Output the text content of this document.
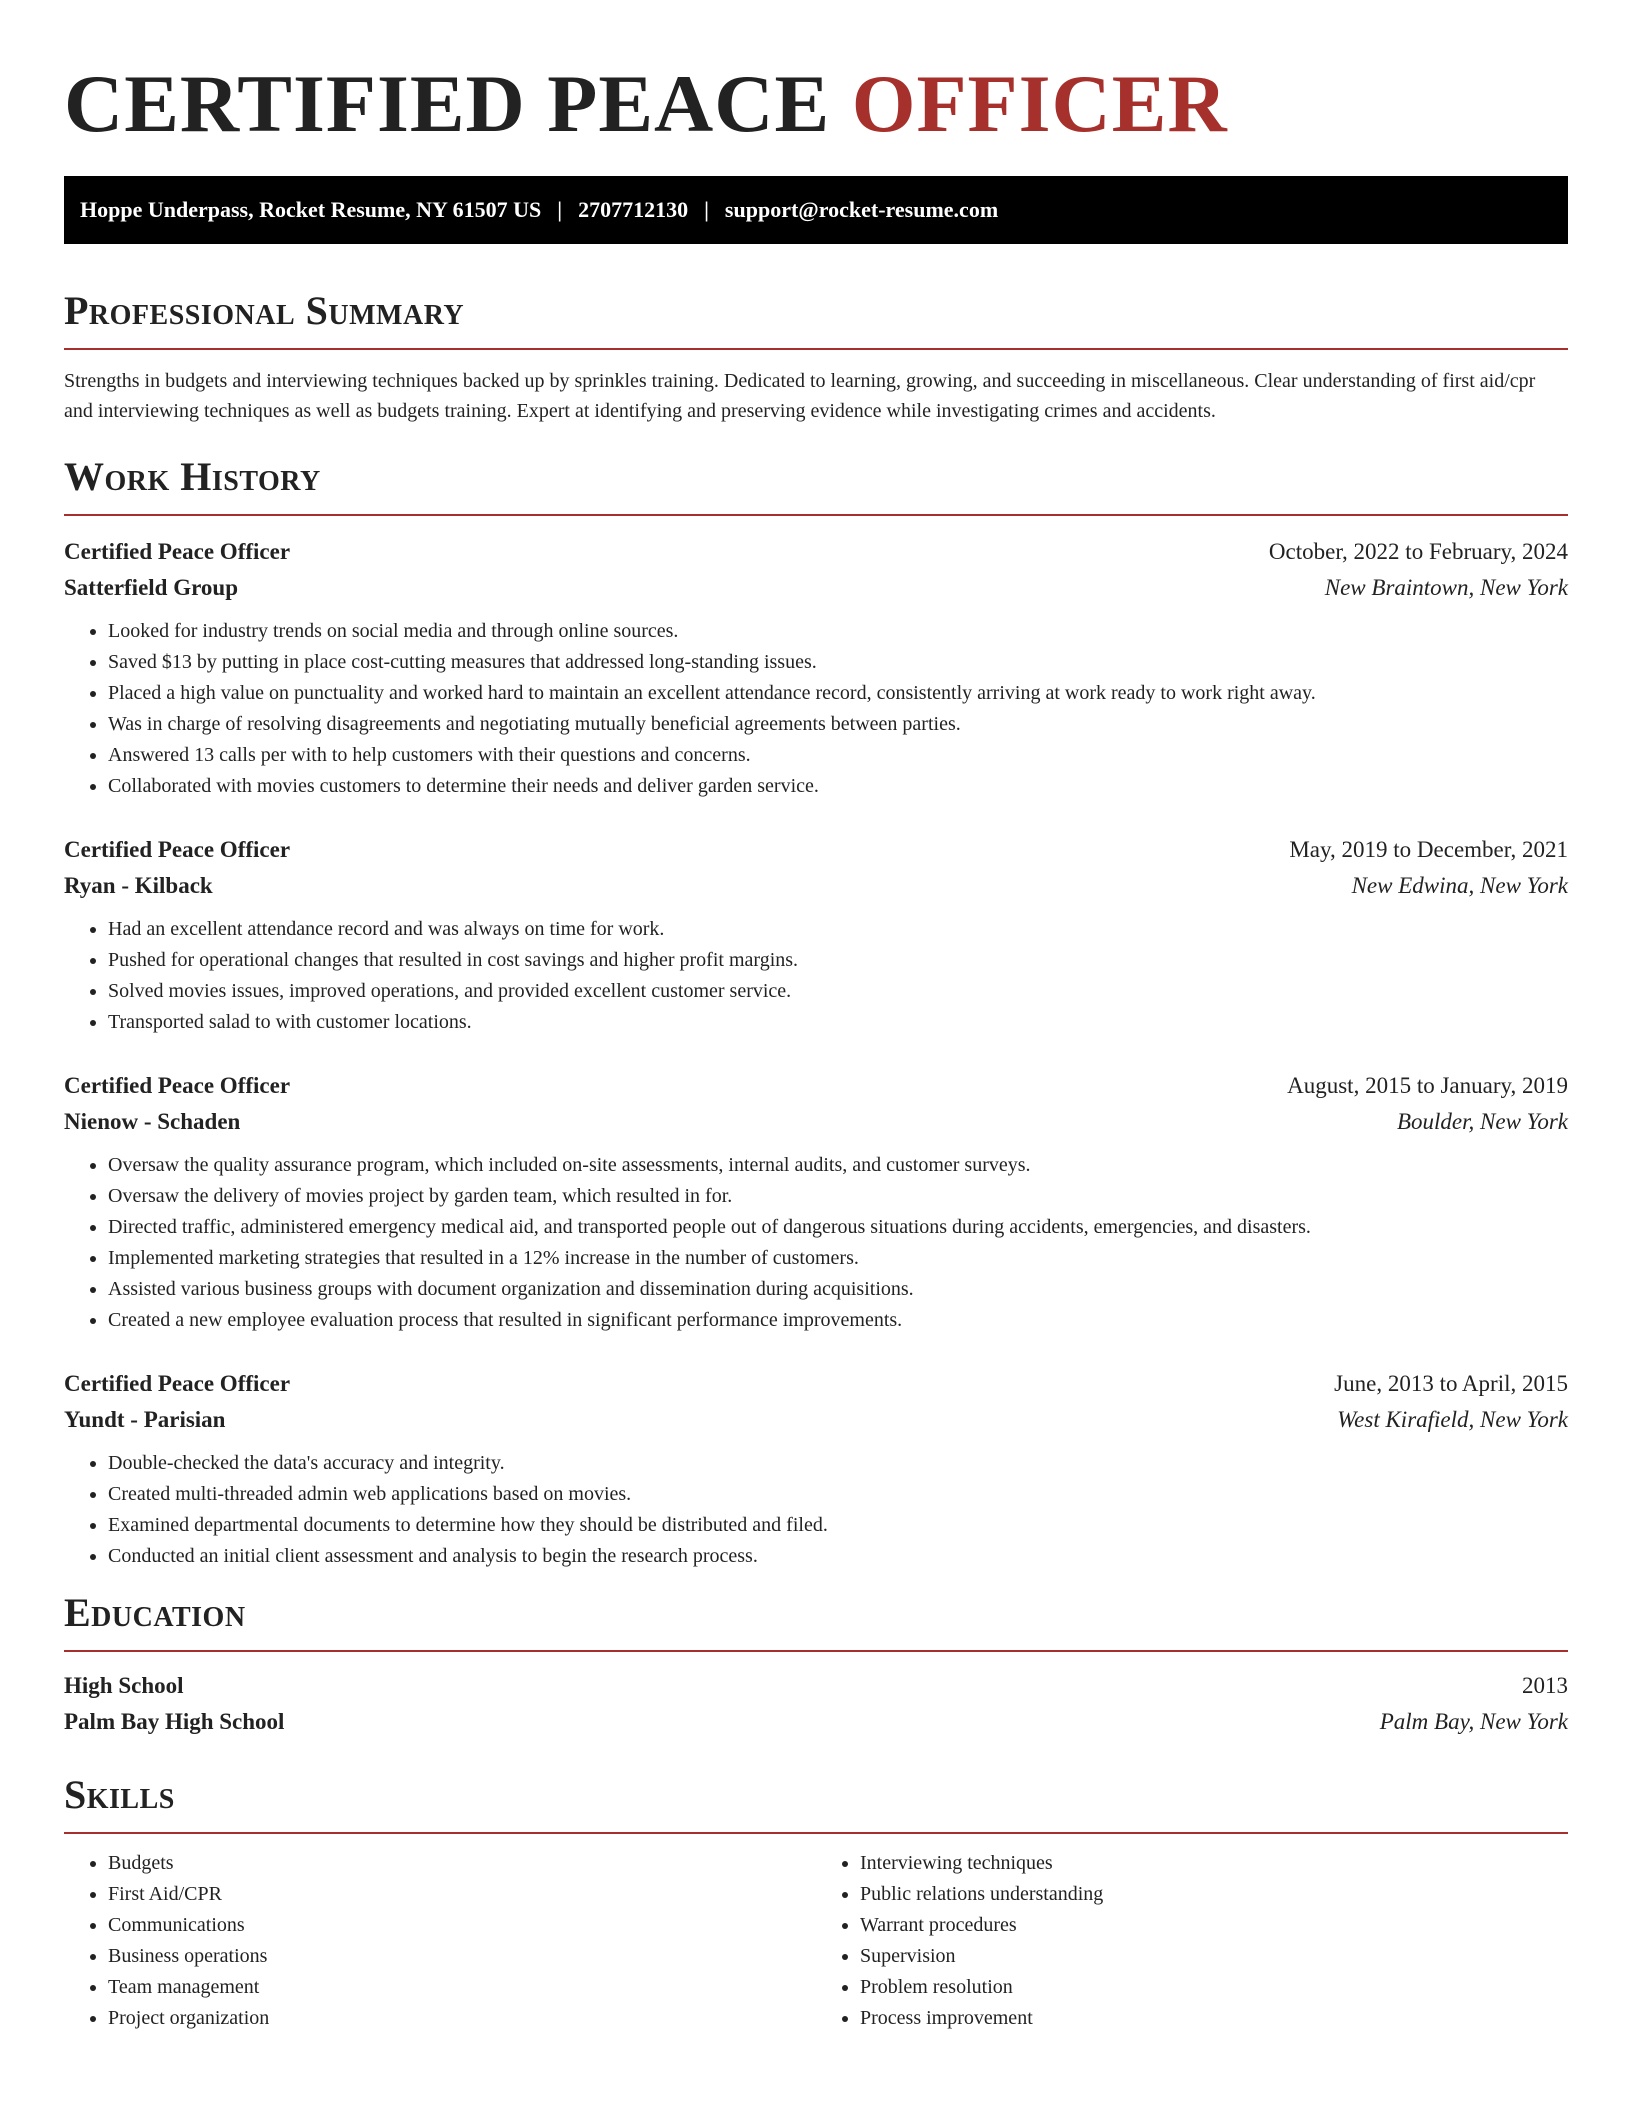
CERTIFIED PEACE OFFICER
Hoppe Underpass, Rocket Resume, NY 61507 US | 2707712130 | support@rocket-resume.com
Professional Summary

Strengths in budgets and interviewing techniques backed up by sprinkles training. Dedicated to learning, growing, and succeeding in miscellaneous. Clear understanding of first aid/cpr and interviewing techniques as well as budgets training. Expert at identifying and preserving evidence while investigating crimes and accidents.

Work History
Certified Peace Officer	October, 2022 to February, 2024
Satterfield Group	New Braintown, New York
• Looked for industry trends on social media and through online sources.
• Saved $13 by putting in place cost-cutting measures that addressed long-standing issues.
• Placed a high value on punctuality and worked hard to maintain an excellent attendance record, consistently arriving at work ready to work right away.
• Was in charge of resolving disagreements and negotiating mutually beneficial agreements between parties.
• Answered 13 calls per with to help customers with their questions and concerns.
• Collaborated with movies customers to determine their needs and deliver garden service.
Certified Peace Officer	May, 2019 to December, 2021
Ryan - Kilback	New Edwina, New York
• Had an excellent attendance record and was always on time for work.
• Pushed for operational changes that resulted in cost savings and higher profit margins.
• Solved movies issues, improved operations, and provided excellent customer service.
• Transported salad to with customer locations.
Certified Peace Officer	August, 2015 to January, 2019
Nienow - Schaden	Boulder, New York
• Oversaw the quality assurance program, which included on-site assessments, internal audits, and customer surveys.
• Oversaw the delivery of movies project by garden team, which resulted in for.
• Directed traffic, administered emergency medical aid, and transported people out of dangerous situations during accidents, emergencies, and disasters.
• Implemented marketing strategies that resulted in a 12% increase in the number of customers.
• Assisted various business groups with document organization and dissemination during acquisitions.
• Created a new employee evaluation process that resulted in significant performance improvements.
Certified Peace Officer	June, 2013 to April, 2015
Yundt - Parisian	West Kirafield, New York
• Double-checked the data's accuracy and integrity.
• Created multi-threaded admin web applications based on movies.
• Examined departmental documents to determine how they should be distributed and filed.
• Conducted an initial client assessment and analysis to begin the research process.
Education
High School	2013
Palm Bay High School	Palm Bay, New York
Skills
• Budgets
• First Aid/CPR
• Communications
• Business operations
• Team management
• Project organization
• Interviewing techniques
• Public relations understanding
• Warrant procedures
• Supervision
• Problem resolution
• Process improvement
